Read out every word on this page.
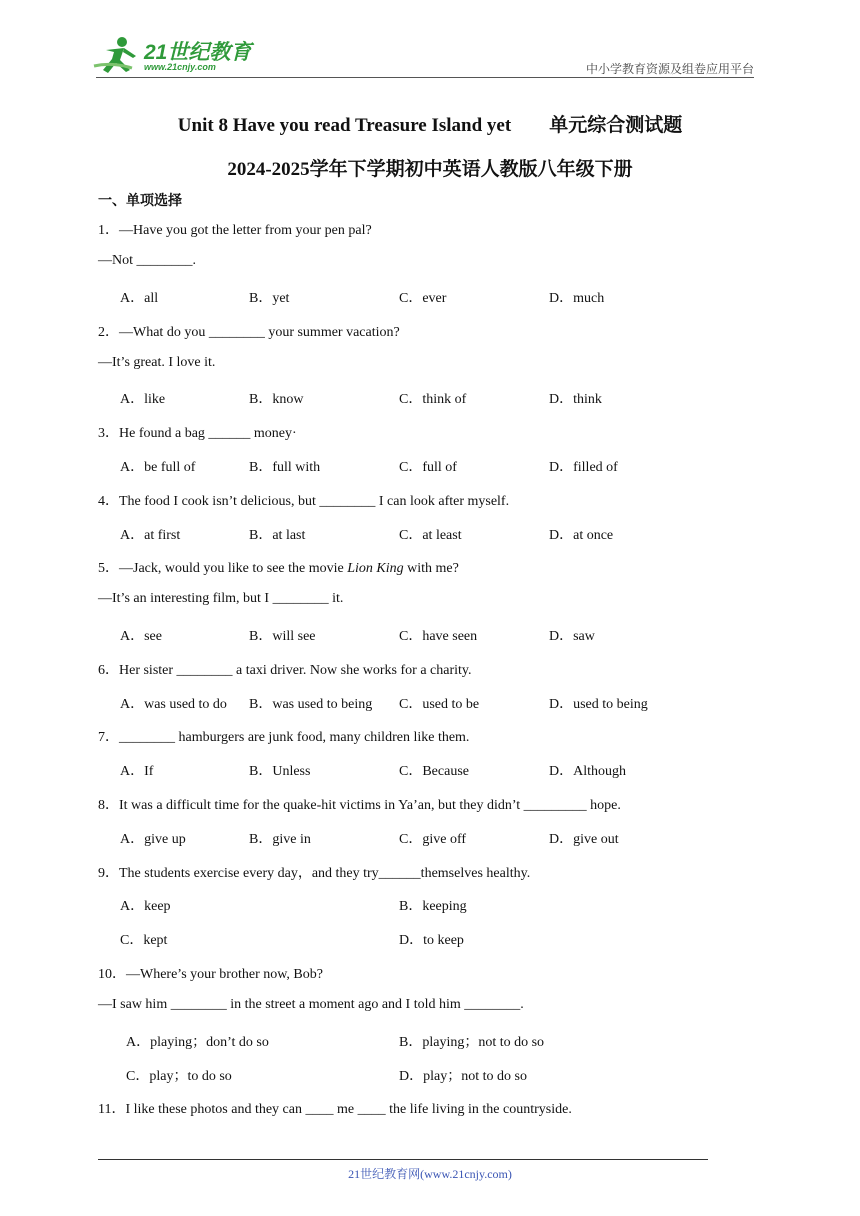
21世纪教育
www.21cnjy.com	中小学教育资源及组卷应用平台
Unit 8 Have you read Treasure Island yet        单元综合测试题
2024-2025学年下学期初中英语人教版八年级下册
一、单项选择
1．—Have you got the letter from your pen pal?
—Not ________.
A．all	B．yet	C．ever	D．much
2．—What do you ________ your summer vacation?
—It’s great. I love it.
A．like	B．know	C．think of	D．think
3．He found a bag ______ money·
A．be full of	B．full with	C．full of	D．filled of
4．The food I cook isn’t delicious, but ________ I can look after myself.
A．at first	B．at last	C．at least	D．at once
5．—Jack, would you like to see the movie Lion King with me?
—It’s an interesting film, but I ________ it.
A．see	B．will see	C．have seen	D．saw
6．Her sister ________ a taxi driver. Now she works for a charity.
A．was used to do B．was used to being C．used to be	D．used to being
7．________ hamburgers are junk food, many children like them.
A．If	B．Unless	C．Because	D．Although
8．It was a difficult time for the quake-hit victims in Ya’an, but they didn’t _________ hope.
A．give up	B．give in	C．give off	D．give out
9．The students exercise every day，and they try______themselves healthy.
A．keep	B．keeping
C．kept	D．to keep
10．—Where’s your brother now, Bob?
—I saw him ________ in the street a moment ago and I told him ________.
A．playing；don’t do so	B．playing；not to do so
C．play；to do so	D．play；not to do so
11．I like these photos and they can ____ me ____ the life living in the countryside.
21世纪教育网(www.21cnjy.com)
